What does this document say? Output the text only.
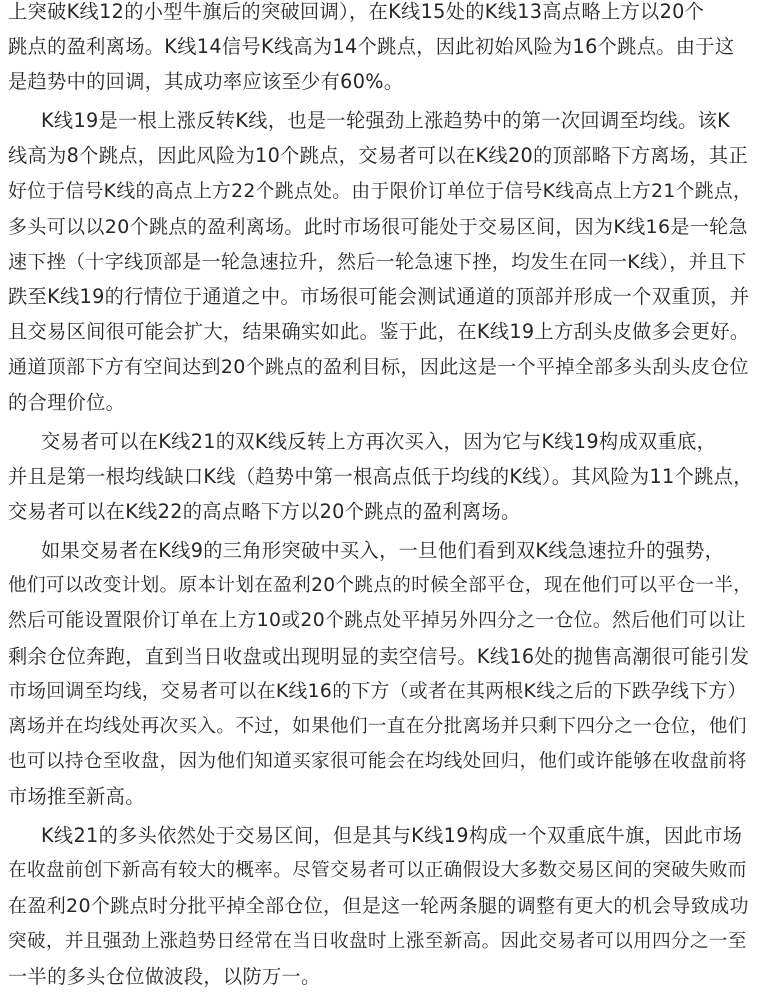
上突破K线12的小型牛旗后的突破回调），在K线15处的K线13高点略上方以20个
跳点的盈利离场。K线14信号K线高为14个跳点，因此初始风险为16个跳点。由于这
是趋势中的回调，其成功率应该至少有60%。
K线19是一根上涨反转K线，也是一轮强劲上涨趋势中的第一次回调至均线。该K
线高为8个跳点，因此风险为10个跳点，交易者可以在K线20的顶部略下方离场，其正
好位于信号K线的高点上方22个跳点处。由于限价订单位于信号K线高点上方21个跳点，
多头可以以20个跳点的盈利离场。此时市场很可能处于交易区间，因为K线16是一轮急
速下挫（十字线顶部是一轮急速拉升，然后一轮急速下挫，均发生在同一K线），并且下
跌至K线19的行情位于通道之中。市场很可能会测试通道的顶部并形成一个双重顶，并
且交易区间很可能会扩大，结果确实如此。鉴于此，在K线19上方刮头皮做多会更好。
通道顶部下方有空间达到20个跳点的盈利目标，因此这是一个平掉全部多头刮头皮仓位
的合理价位。
交易者可以在K线21的双K线反转上方再次买入，因为它与K线19构成双重底，
并且是第一根均线缺口K线（趋势中第一根高点低于均线的K线）。其风险为11个跳点，
交易者可以在K线22的高点略下方以20个跳点的盈利离场。
如果交易者在K线9的三角形突破中买入，一旦他们看到双K线急速拉升的强势，
他们可以改变计划。原本计划在盈利20个跳点的时候全部平仓，现在他们可以平仓一半，
然后可能设置限价订单在上方10或20个跳点处平掉另外四分之一仓位。然后他们可以让
剩余仓位奔跑，直到当日收盘或出现明显的卖空信号。K线16处的抛售高潮很可能引发
市场回调至均线，交易者可以在K线16的下方（或者在其两根K线之后的下跌孕线下方）
离场并在均线处再次买入。不过，如果他们一直在分批离场并只剩下四分之一仓位，他们
也可以持仓至收盘，因为他们知道买家很可能会在均线处回归，他们或许能够在收盘前将
市场推至新高。
K线21的多头依然处于交易区间，但是其与K线19构成一个双重底牛旗，因此市场
在收盘前创下新高有较大的概率。尽管交易者可以正确假设大多数交易区间的突破失败而
在盈利20个跳点时分批平掉全部仓位，但是这一轮两条腿的调整有更大的机会导致成功
突破，并且强劲上涨趋势日经常在当日收盘时上涨至新高。因此交易者可以用四分之一至
一半的多头仓位做波段，以防万一。
